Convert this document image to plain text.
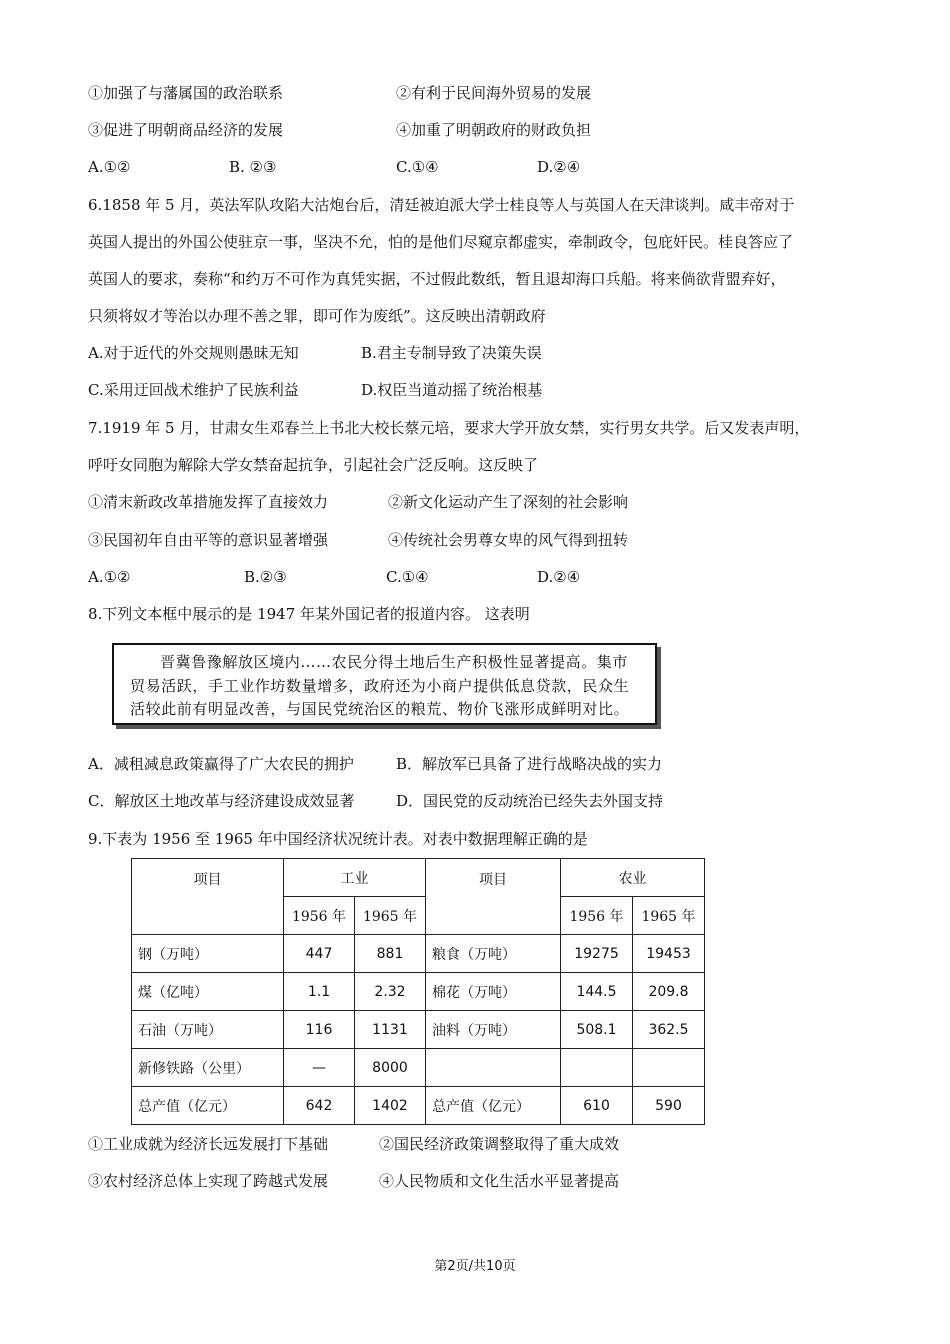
①加强了与藩属国的政治联系	②有利于民间海外贸易的发展
③促进了明朝商品经济的发展	④加重了明朝政府的财政负担
A.①②	B. ②③	C.①④	D.②④
6.1858 年 5 月，英法军队攻陷大沽炮台后，清廷被迫派大学士桂良等人与英国人在天津谈判。咸丰帝对于
英国人提出的外国公使驻京一事，坚决不允，怕的是他们尽窥京都虚实，牵制政令，包庇奸民。桂良答应了
英国人的要求，奏称“和约万不可作为真凭实据，不过假此数纸，暂且退却海口兵船。将来倘欲背盟弃好，
只须将奴才等治以办理不善之罪，即可作为废纸”。这反映出清朝政府
A.对于近代的外交规则愚昧无知	B.君主专制导致了决策失误
C.采用迂回战术维护了民族利益	D.权臣当道动摇了统治根基
7.1919 年 5 月，甘肃女生邓春兰上书北大校长蔡元培，要求大学开放女禁，实行男女共学。后又发表声明，
呼吁女同胞为解除大学女禁奋起抗争，引起社会广泛反响。这反映了
①清末新政改革措施发挥了直接效力	②新文化运动产生了深刻的社会影响
③民国初年自由平等的意识显著增强	④传统社会男尊女卑的风气得到扭转
A.①②	B.②③	C.①④	D.②④
8.下列文本框中展示的是 1947 年某外国记者的报道内容。 这表明
晋冀鲁豫解放区境内……农民分得土地后生产积极性显著提高。集市
贸易活跃，手工业作坊数量增多，政府还为小商户提供低息贷款，民众生
活较此前有明显改善，与国民党统治区的粮荒、物价飞涨形成鲜明对比。
A．减租减息政策赢得了广大农民的拥护	B．解放军已具备了进行战略决战的实力
C．解放区土地改革与经济建设成效显著	D．国民党的反动统治已经失去外国支持
9.下表为 1956 至 1965 年中国经济状况统计表。对表中数据理解正确的是
项目	工业		项目	农业	
	1956 年	1965 年		1956 年	1965 年
钢（万吨）	447	881	粮食（万吨）	19275	19453
煤（亿吨）	1.1	2.32	棉花（万吨）	144.5	209.8
石油（万吨）	116	1131	油料（万吨）	508.1	362.5
新修铁路（公里）	—	8000			
总产值（亿元）	642	1402	总产值（亿元）	610	590
①工业成就为经济长远发展打下基础	②国民经济政策调整取得了重大成效
③农村经济总体上实现了跨越式发展	④人民物质和文化生活水平显著提高
第2页/共10页
